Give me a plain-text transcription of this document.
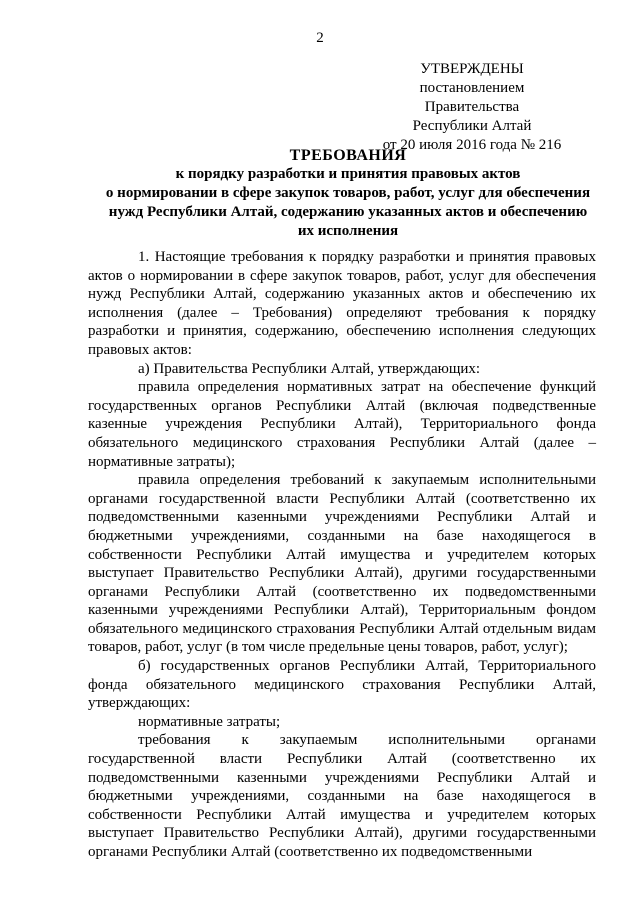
2
УТВЕРЖДЕНЫ
постановлением Правительства
Республики Алтай
от 20 июля 2016 года № 216
ТРЕБОВАНИЯ
к порядку разработки и принятия правовых актов
о нормировании в сфере закупок товаров, работ, услуг для обеспечения
нужд Республики Алтай, содержанию указанных актов и обеспечению
их исполнения

1. Настоящие требования к порядку разработки и принятия правовых актов о нормировании в сфере закупок товаров, работ, услуг для обеспечения нужд Республики Алтай, содержанию указанных актов и обеспечению их исполнения (далее – Требования) определяют требования к порядку разработки и принятия, содержанию, обеспечению исполнения следующих правовых актов:

а) Правительства Республики Алтай, утверждающих:

правила определения нормативных затрат на обеспечение функций государственных органов Республики Алтай (включая подведственные казенные учреждения Республики Алтай), Территориального фонда обязательного медицинского страхования Республики Алтай (далее – нормативные затраты);

правила определения требований к закупаемым исполнительными органами государственной власти Республики Алтай (соответственно их подведомственными казенными учреждениями Республики Алтай и бюджетными учреждениями, созданными на базе находящегося в собственности Республики Алтай имущества и учредителем которых выступает Правительство Республики Алтай), другими государственными органами Республики Алтай (соответственно их подведомственными казенными учреждениями Республики Алтай), Территориальным фондом обязательного медицинского страхования Республики Алтай отдельным видам товаров, работ, услуг (в том числе предельные цены товаров, работ, услуг);

б) государственных органов Республики Алтай, Территориального фонда обязательного медицинского страхования Республики Алтай, утверждающих:

нормативные затраты;

требования к закупаемым исполнительными органами государственной власти Республики Алтай (соответственно их подведомственными казенными учреждениями Республики Алтай и бюджетными учреждениями, созданными на базе находящегося в собственности Республики Алтай имущества и учредителем которых выступает Правительство Республики Алтай), другими государственными органами Республики Алтай (соответственно их подведомственными
